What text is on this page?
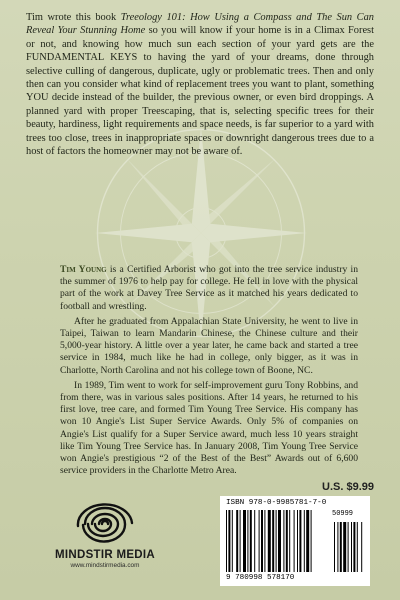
Tim wrote this book Treeology 101: How Using a Compass and The Sun Can Reveal Your Stunning Home so you will know if your home is in a Climax Forest or not, and knowing how much sun each section of your yard gets are the FUNDAMENTAL KEYS to having the yard of your dreams, done through selective culling of dangerous, duplicate, ugly or problematic trees. Then and only then can you consider what kind of replacement trees you want to plant, something YOU decide instead of the builder, the previous owner, or even bird droppings. A planned yard with proper Treescaping, that is, selecting specific trees for their beauty, hardiness, light requirements and space needs, is far superior to a yard with trees too close, trees in inappropriate spaces or downright dangerous trees due to a host of factors the homeowner may not be aware of.

Tim Young is a Certified Arborist who got into the tree service industry in the summer of 1976 to help pay for college. He fell in love with the physical part of the work at Davey Tree Service as it matched his years dedicated to football and wrestling.

After he graduated from Appalachian State University, he went to live in Taipei, Taiwan to learn Mandarin Chinese, the Chinese culture and their 5,000-year history. A little over a year later, he came back and started a tree service in 1984, much like he had in college, only bigger, as it was in Charlotte, North Carolina and not his college town of Boone, NC.

In 1989, Tim went to work for self-improvement guru Tony Robbins, and from there, was in various sales positions. After 14 years, he returned to his first love, tree care, and formed Tim Young Tree Service. His company has won 10 Angie's List Super Service Awards. Only 5% of companies on Angie's List qualify for a Super Service award, much less 10 years straight like Tim Young Tree Service has. In January 2008, Tim Young Tree Service won Angie's prestigious “2 of the Best of the Best” Awards out of 6,600 service providers in the Charlotte Metro Area.

MINDSTIR MEDIA
www.mindstirmedia.com
U.S. $9.99
ISBN 978-0-9985781-7-0
50999
9 780998 578170
